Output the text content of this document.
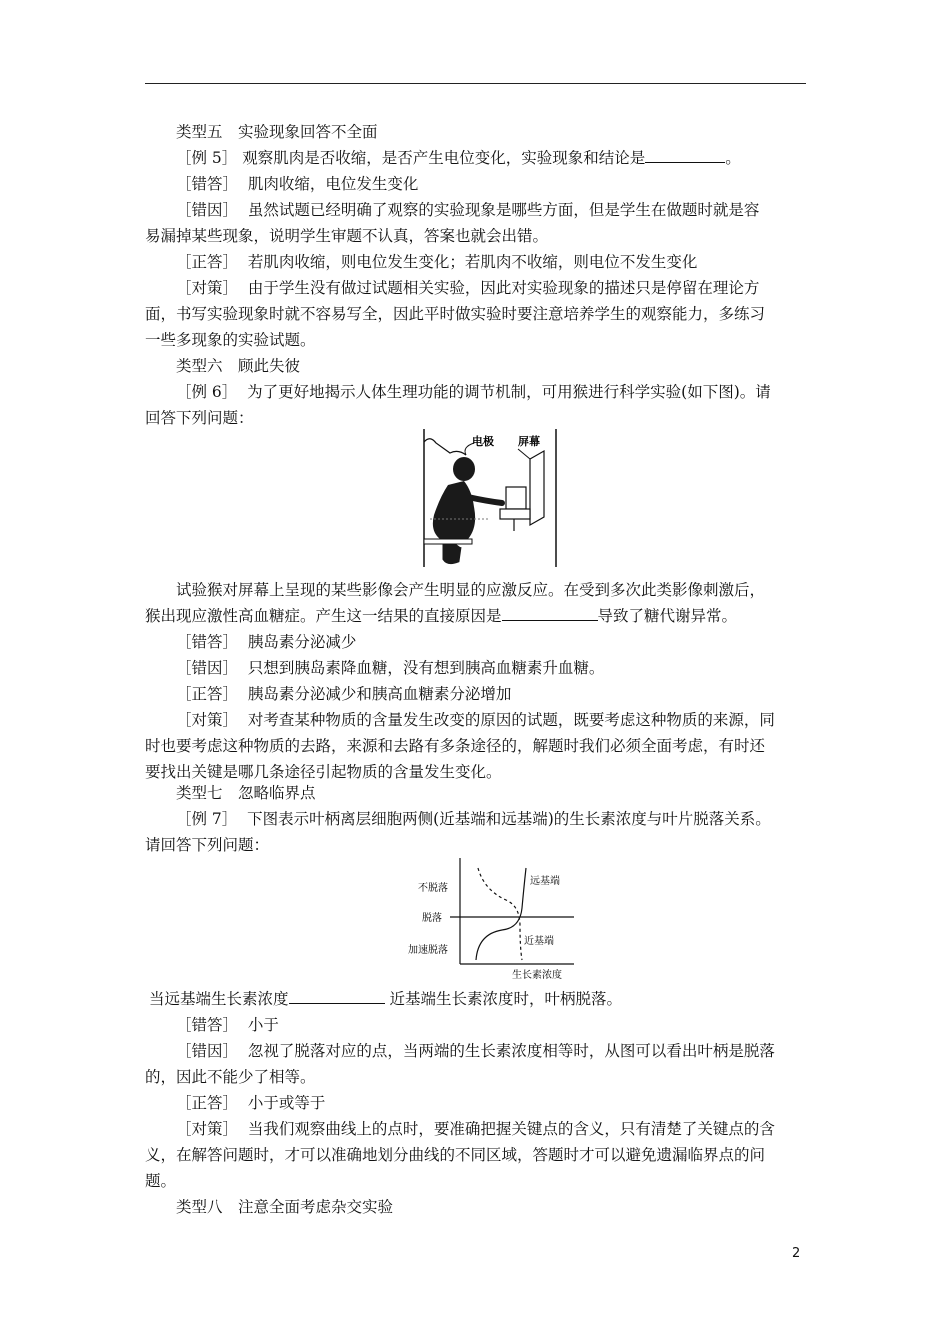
类型五　实验现象回答不全面
［例 5］ 观察肌肉是否收缩，是否产生电位变化，实验现象和结论是	。
［错答］ 肌肉收缩，电位发生变化
［错因］ 虽然试题已经明确了观察的实验现象是哪些方面，但是学生在做题时就是容
易漏掉某些现象，说明学生审题不认真，答案也就会出错。
［正答］ 若肌肉收缩，则电位发生变化；若肌肉不收缩，则电位不发生变化
［对策］ 由于学生没有做过试题相关实验，因此对实验现象的描述只是停留在理论方
面，书写实验现象时就不容易写全，因此平时做实验时要注意培养学生的观察能力，多练习
一些多现象的实验试题。
类型六　顾此失彼
［例 6］ 为了更好地揭示人体生理功能的调节机制，可用猴进行科学实验(如下图)。请
回答下列问题：
电极 屏幕
试验猴对屏幕上呈现的某些影像会产生明显的应激反应。在受到多次此类影像刺激后，
猴出现应激性高血糖症。产生这一结果的直接原因是	导致了糖代谢异常。
［错答］ 胰岛素分泌减少
［错因］ 只想到胰岛素降血糖，没有想到胰高血糖素升血糖。
［正答］ 胰岛素分泌减少和胰高血糖素分泌增加
［对策］ 对考查某种物质的含量发生改变的原因的试题，既要考虑这种物质的来源，同
时也要考虑这种物质的去路，来源和去路有多条途径的，解题时我们必须全面考虑，有时还
要找出关键是哪几条途径引起物质的含量发生变化。
类型七　忽略临界点
［例 7］ 下图表示叶柄离层细胞两侧(近基端和远基端)的生长素浓度与叶片脱落关系。
请回答下列问题：
不脱落
脱落
加速脱落
远基端
近基端
生长素浓度
当远基端生长素浓度	近基端生长素浓度时，叶柄脱落。
［错答］ 小于
［错因］ 忽视了脱落对应的点，当两端的生长素浓度相等时，从图可以看出叶柄是脱落
的，因此不能少了相等。
［正答］ 小于或等于
［对策］ 当我们观察曲线上的点时，要准确把握关键点的含义，只有清楚了关键点的含
义，在解答问题时，才可以准确地划分曲线的不同区域，答题时才可以避免遗漏临界点的问
题。
类型八　注意全面考虑杂交实验
2
